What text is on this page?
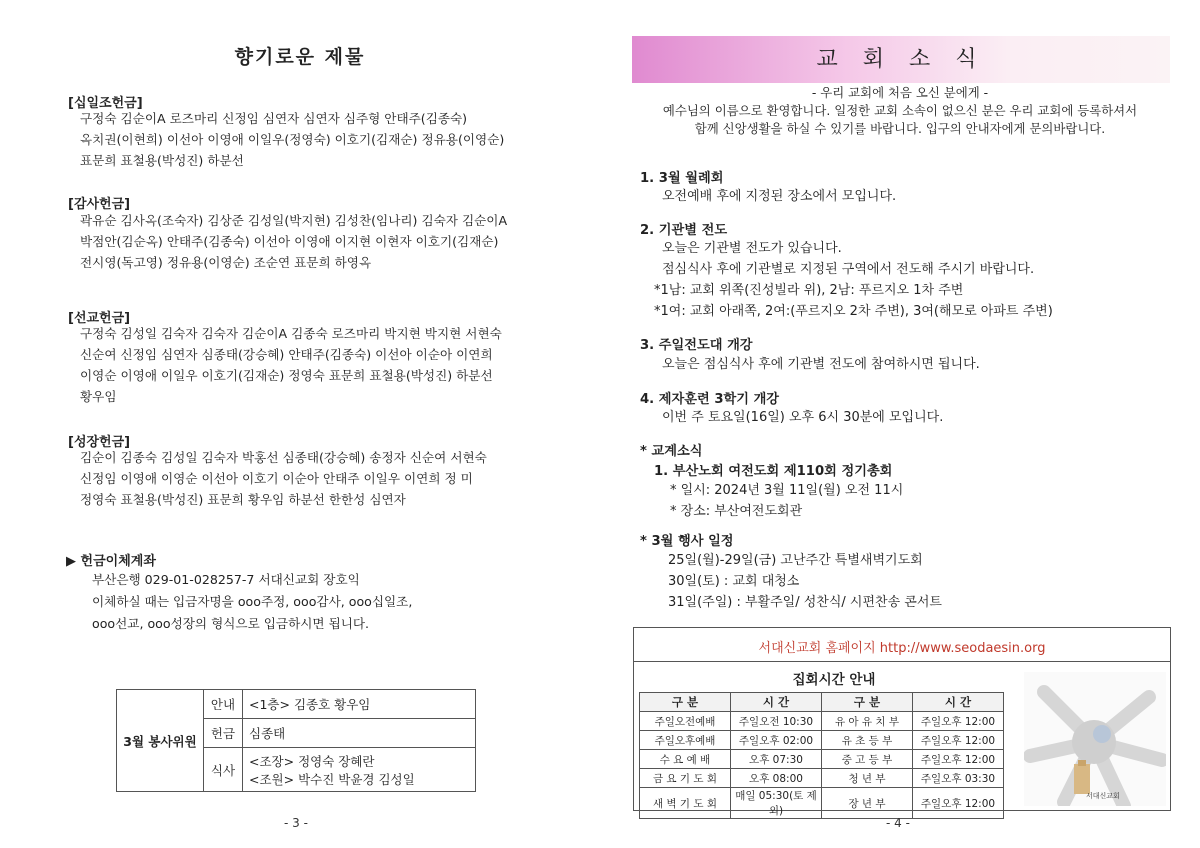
향기로운 제물
[십일조헌금]
구정숙 김순이A 로즈마리 신정임 심연자 심연자 심주형 안태주(김종숙)
옥치권(이현희) 이선아 이영애 이일우(정영숙) 이호기(김재순) 정유용(이영순)
표문희 표철용(박성진) 하분선
[감사헌금]
곽유순 김사옥(조숙자) 김상준 김성일(박지현) 김성찬(임나리) 김숙자 김순이A
박점안(김순옥) 안태주(김종숙) 이선아 이영애 이지현 이현자 이호기(김재순)
전시영(독고영) 정유용(이영순) 조순연 표문희 하영옥
[선교헌금]
구정숙 김성일 김숙자 김숙자 김순이A 김종숙 로즈마리 박지현 박지현 서현숙
신순여 신정임 심연자 심종태(강승혜) 안태주(김종숙) 이선아 이순아 이연희
이영순 이영애 이일우 이호기(김재순) 정영숙 표문희 표철용(박성진) 하분선
황우임
[성장헌금]
김순이 김종숙 김성일 김숙자 박홍선 심종태(강승혜) 송정자 신순여 서현숙
신정임 이영애 이영순 이선아 이호기 이순아 안태주 이일우 이연희 정 미
정영숙 표철용(박성진) 표문희 황우임 하분선 한한성 심연자
▶ 헌금이체계좌
부산은행 029-01-028257-7 서대신교회 장호익
이체하실 때는 입금자명을 ooo주정, ooo감사, ooo십일조,
ooo선교, ooo성장의 형식으로 입금하시면 됩니다.
3월 봉사위원	안내	<1층> 김종호 황우임
	헌금	심종태
	식사	<조장> 정영숙 장혜란
<조원> 박수진 박윤경 김성일
- 3 -
교 회 소 식
- 우리 교회에 처음 오신 분에게 -
예수님의 이름으로 환영합니다. 일정한 교회 소속이 없으신 분은 우리 교회에 등록하셔서
함께 신앙생활을 하실 수 있기를 바랍니다. 입구의 안내자에게 문의바랍니다.
1. 3월 월례회
오전예배 후에 지정된 장소에서 모입니다.
2. 기관별 전도
오늘은 기관별 전도가 있습니다.
점심식사 후에 기관별로 지정된 구역에서 전도해 주시기 바랍니다.
*1남: 교회 위쪽(진성빌라 위), 2남: 푸르지오 1차 주변
*1여: 교회 아래쪽, 2여:(푸르지오 2차 주변), 3여(해모로 아파트 주변)
3. 주일전도대 개강
오늘은 점심식사 후에 기관별 전도에 참여하시면 됩니다.
4. 제자훈련 3학기 개강
이번 주 토요일(16일) 오후 6시 30분에 모입니다.
* 교계소식
1. 부산노회 여전도회 제110회 정기총회
* 일시: 2024년 3월 11일(월) 오전 11시
* 장소: 부산여전도회관
* 3월 행사 일정
25일(월)-29일(금) 고난주간 특별새벽기도회
30일(토) : 교회 대청소
31일(주일) : 부활주일/ 성찬식/ 시편찬송 콘서트
서대신교회 홈페이지 http://www.seodaesin.org
집회시간 안내
구 분	시 간	구 분	시 간
주일오전예배	주일오전 10:30	유 아 유 치 부	주일오후 12:00
주일오후예배	주일오후 02:00	유 초 등 부	주일오후 12:00
수 요 예 배	오후 07:30	중 고 등 부	주일오후 12:00
금 요 기 도 회	오후 08:00	청 년 부	주일오후 03:30
새 벽 기 도 회	매일 05:30(토 제외)	장 년 부	주일오후 12:00
서대신교회
- 4 -
